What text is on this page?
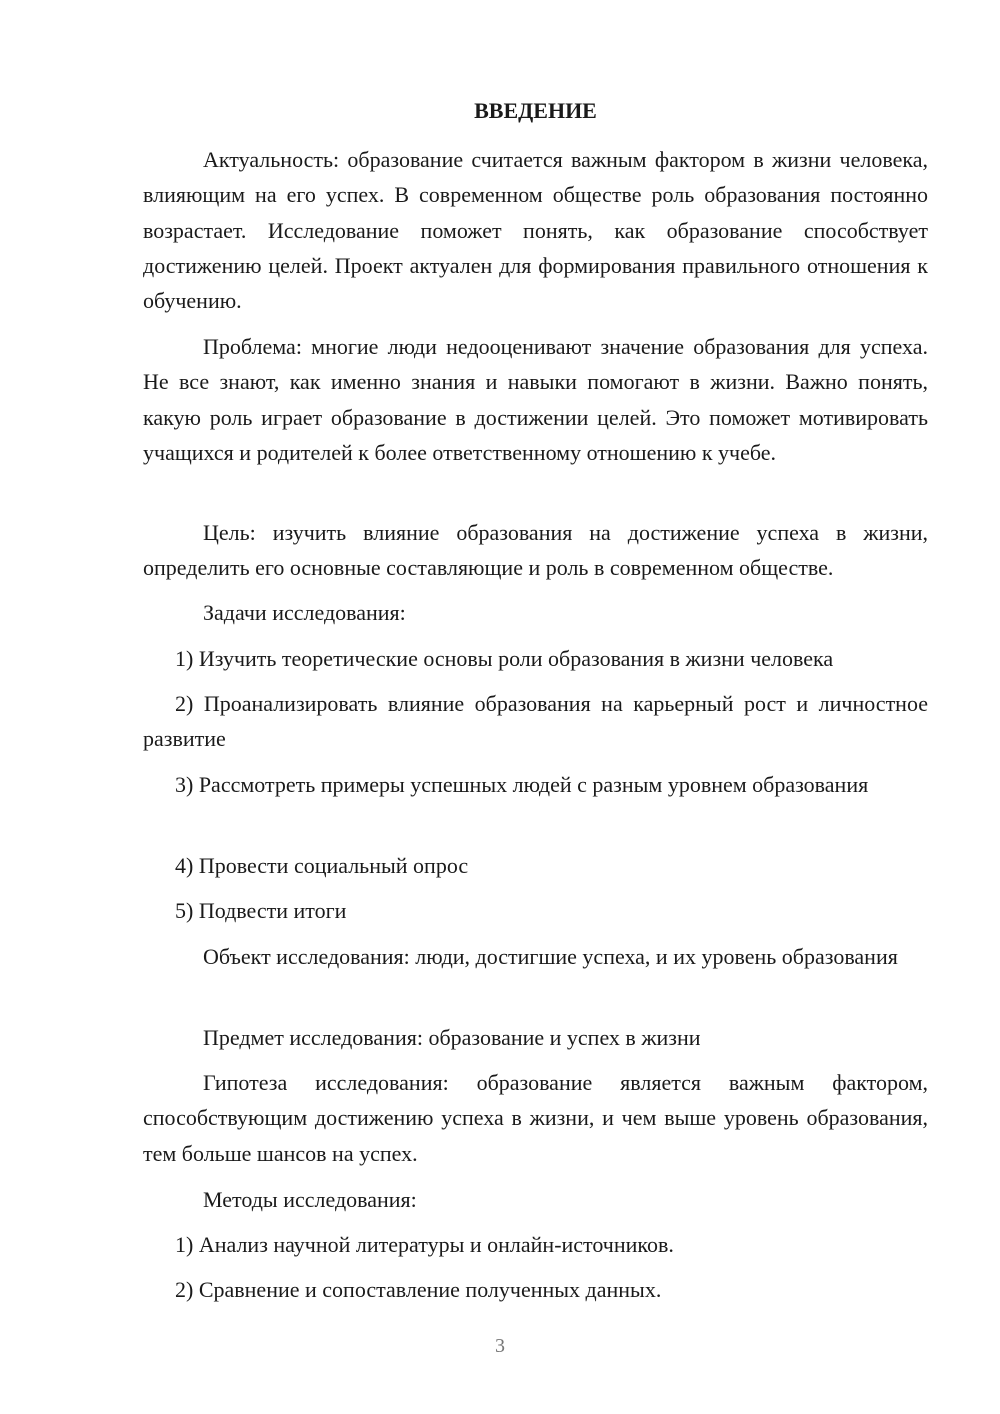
ВВЕДЕНИЕ

Актуальность: образование считается важным фактором в жизни человека, влияющим на его успех. В современном обществе роль образования постоянно возрастает. Исследование поможет понять, как образование способствует достижению целей. Проект актуален для формирования правильного отношения к обучению.

Проблема: многие люди недооценивают значение образования для успеха. Не все знают, как именно знания и навыки помогают в жизни. Важно понять, какую роль играет образование в достижении целей. Это поможет мотивировать учащихся и родителей к более ответственному отношению к учебе.

Цель: изучить влияние образования на достижение успеха в жизни, определить его основные составляющие и роль в современном обществе.

Задачи исследования:

1) Изучить теоретические основы роли образования в жизни человека

2) Проанализировать влияние образования на карьерный рост и личностное развитие

3) Рассмотреть примеры успешных людей с разным уровнем образования

4) Провести социальный опрос

5) Подвести итоги

Объект исследования: люди, достигшие успеха, и их уровень образования

Предмет исследования: образование и успех в жизни

Гипотеза исследования: образование является важным фактором, способствующим достижению успеха в жизни, и чем выше уровень образования, тем больше шансов на успех.

Методы исследования:

1) Анализ научной литературы и онлайн-источников.

2) Сравнение и сопоставление полученных данных.

3
